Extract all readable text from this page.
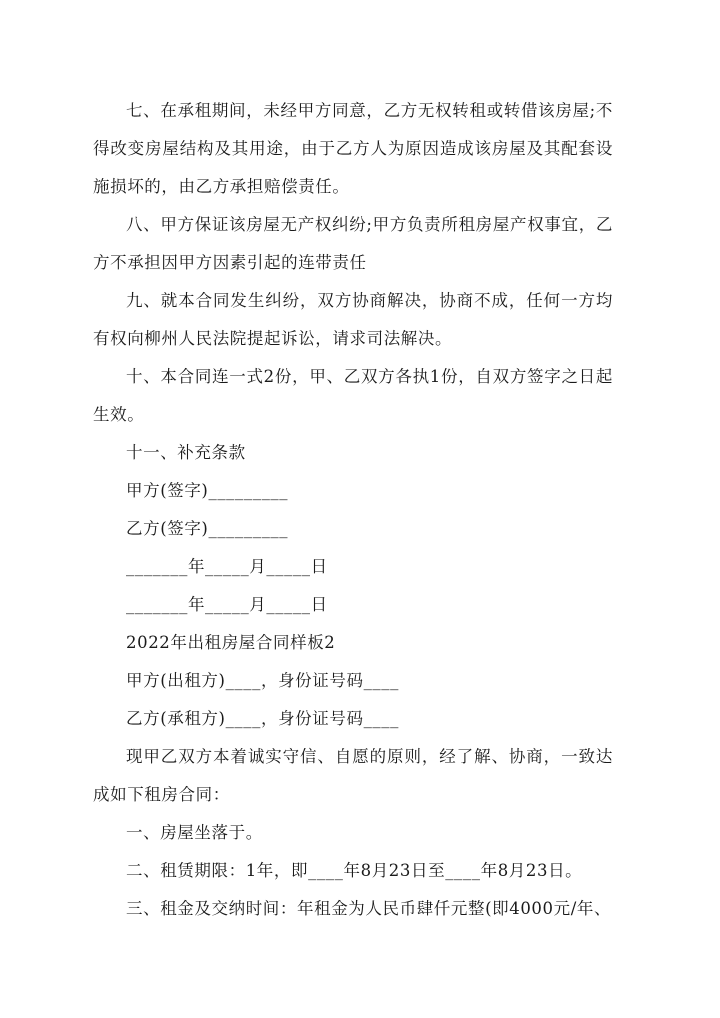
七、在承租期间，未经甲方同意，乙方无权转租或转借该房屋;不得改变房屋结构及其用途，由于乙方人为原因造成该房屋及其配套设施损坏的，由乙方承担赔偿责任。

八、甲方保证该房屋无产权纠纷;甲方负责所租房屋产权事宜，乙方不承担因甲方因素引起的连带责任

九、就本合同发生纠纷，双方协商解决，协商不成，任何一方均有权向柳州人民法院提起诉讼，请求司法解决。

十、本合同连一式2份，甲、乙双方各执1份，自双方签字之日起生效。

十一、补充条款

甲方(签字)_________

乙方(签字)_________

_______年_____月_____日

_______年_____月_____日

2022年出租房屋合同样板2

甲方(出租方)____，身份证号码____

乙方(承租方)____，身份证号码____

现甲乙双方本着诚实守信、自愿的原则，经了解、协商，一致达成如下租房合同：

一、房屋坐落于。

二、租赁期限：1年，即____年8月23日至____年8月23日。

三、租金及交纳时间：年租金为人民币肆仟元整(即4000元/年、
